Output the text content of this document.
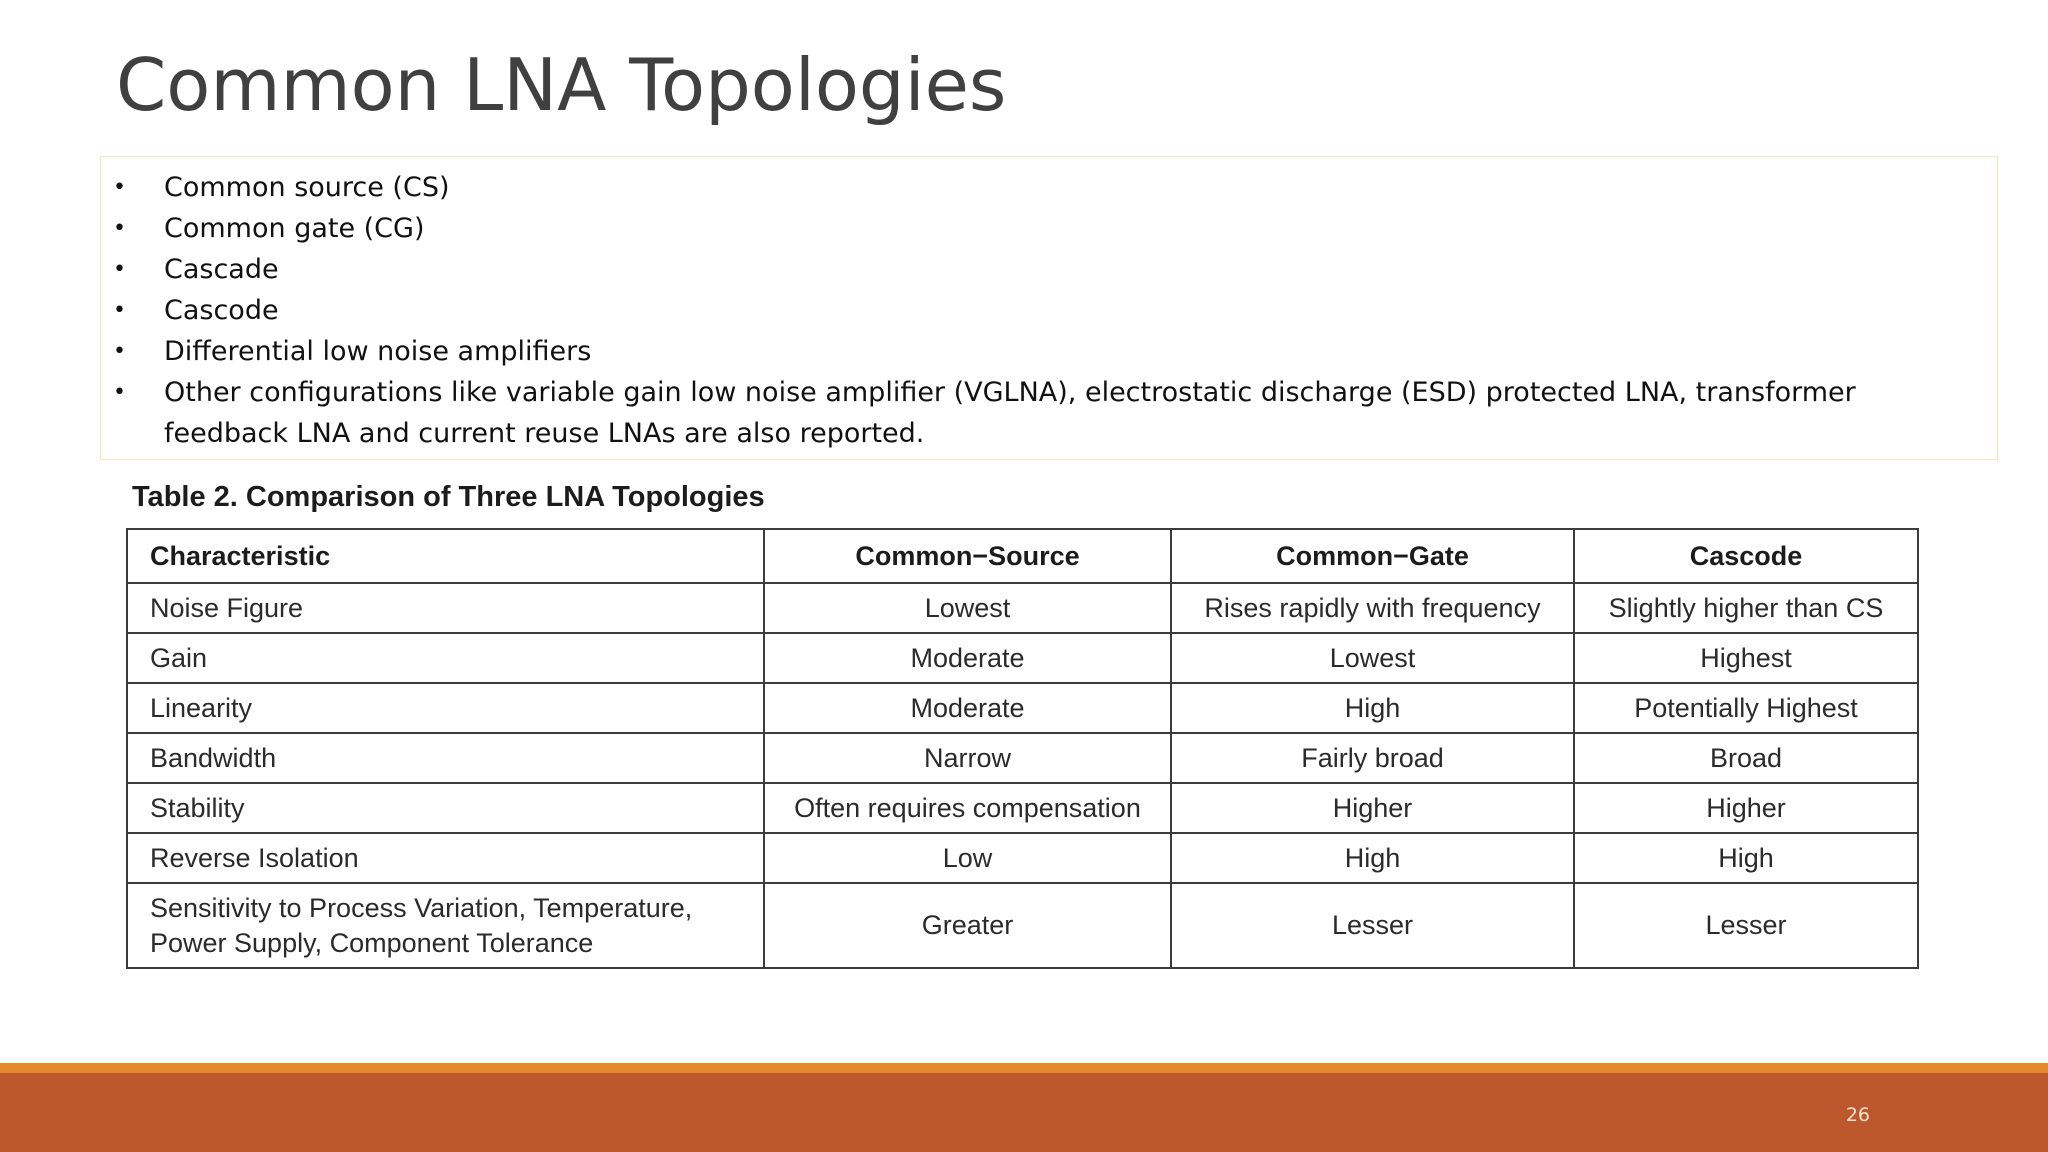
Common LNA Topologies
• Common source (CS)
• Common gate (CG)
• Cascade
• Cascode
• Differential low noise amplifiers
• Other configurations like variable gain low noise amplifier (VGLNA), electrostatic discharge (ESD) protected LNA, transformer feedback LNA and current reuse LNAs are also reported.

Table 2. Comparison of Three LNA Topologies

Characteristic	Common−Source	Common−Gate	Cascode
Noise Figure	Lowest	Rises rapidly with frequency	Slightly higher than CS
Gain	Moderate	Lowest	Highest
Linearity	Moderate	High	Potentially Highest
Bandwidth	Narrow	Fairly broad	Broad
Stability	Often requires compensation	Higher	Higher
Reverse Isolation	Low	High	High
Sensitivity to Process Variation, Temperature, Power Supply, Component Tolerance	Greater	Lesser	Lesser
26
